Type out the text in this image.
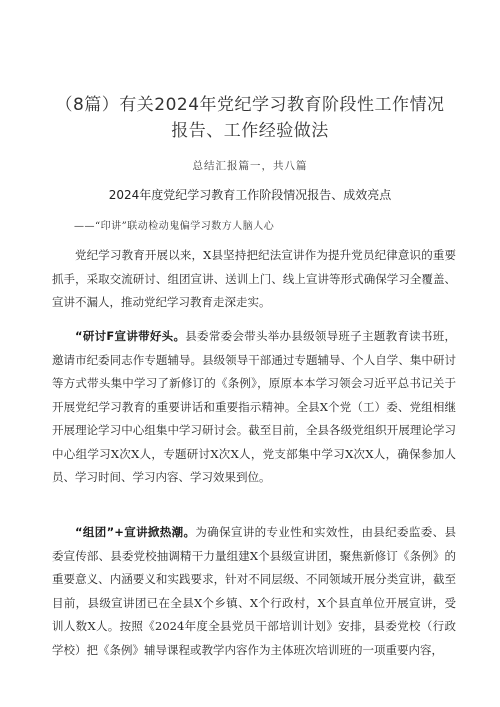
（8篇）有关2024年党纪学习教育阶段性工作情况
报告、工作经验做法
总结汇报篇一，共八篇
2024年度党纪学习教育工作阶段情况报告、成效亮点
——“印讲”联动检动鬼偏学习数方人脑人心

党纪学习教育开展以来，X县坚持把纪法宣讲作为提升党员纪律意识的重要抓手，采取交流研讨、组团宣讲、送训上门、线上宣讲等形式确保学习全覆盖、宣讲不漏人，推动党纪学习教育走深走实。

“研讨F宣讲带好头。县委常委会带头举办县级领导班子主题教育读书班，邀请市纪委同志作专题辅导。县级领导干部通过专题辅导、个人自学、集中研讨等方式带头集中学习了新修订的《条例》，原原本本学习领会习近平总书记关于开展党纪学习教育的重要讲话和重要指示精神。全县X个党（工）委、党组相继开展理论学习中心组集中学习研讨会。截至目前，全县各级党组织开展理论学习中心组学习X次X人，专题研讨X次X人，党支部集中学习X次X人，确保参加人员、学习时间、学习内容、学习效果到位。

“组团”+宣讲掀热潮。为确保宣讲的专业性和实效性，由县纪委监委、县委宣传部、县委党校抽调精干力量组建X个县级宣讲团，聚焦新修订《条例》的重要意义、内涵要义和实践要求，针对不同层级、不同领域开展分类宣讲，截至目前，县级宣讲团已在全县X个乡镇、X个行政村，X个县直单位开展宣讲，受训人数X人。按照《2024年度全县党员干部培训计划》安排，县委党校（行政学校）把《条例》辅导课程或教学内容作为主体班次培训班的一项重要内容，
